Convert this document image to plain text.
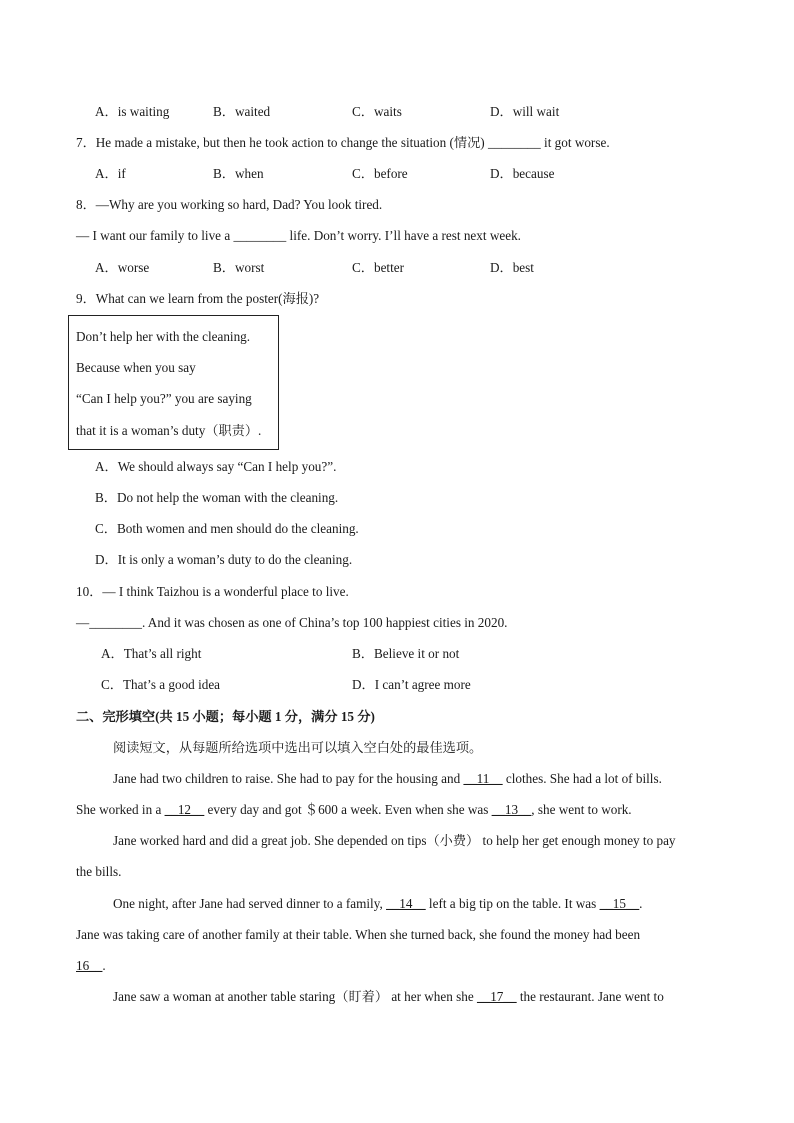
A．is waiting	B．waited	C．waits	D．will wait
7．He made a mistake, but then he took action to change the situation (情况) ________ it got worse.
A．if	B．when	C．before	D．because
8．—Why are you working so hard, Dad? You look tired.
— I want our family to live a ________ life. Don’t worry. I’ll have a rest next week.
A．worse	B．worst	C．better	D．best
9．What can we learn from the poster(海报)?
Don’t help her with the cleaning.
Because when you say
“Can I help you?” you are saying
that it is a woman’s duty（职责）.
A．We should always say “Can I help you?”.
B．Do not help the woman with the cleaning.
C．Both women and men should do the cleaning.
D．It is only a woman’s duty to do the cleaning.
10．— I think Taizhou is a wonderful place to live.
—________. And it was chosen as one of China’s top 100 happiest cities in 2020.
A．That’s all right	B．Believe it or not
C．That’s a good idea	D．I can’t agree more
二、完形填空(共 15 小题；每小题 1 分，满分 15 分)
阅读短文，从每题所给选项中选出可以填入空白处的最佳选项。
Jane had two children to raise. She had to pay for the housing and __11__ clothes. She had a lot of bills.
She worked in a __12__ every day and got ＄600 a week. Even when she was __13__, she went to work.
Jane worked hard and did a great job. She depended on tips（小费） to help her get enough money to pay
the bills.
One night, after Jane had served dinner to a family, __14__ left a big tip on the table. It was __15__.
Jane was taking care of another family at their table. When she turned back, she found the money had been
16__.
Jane saw a woman at another table staring（盯着） at her when she __17__ the restaurant. Jane went to
